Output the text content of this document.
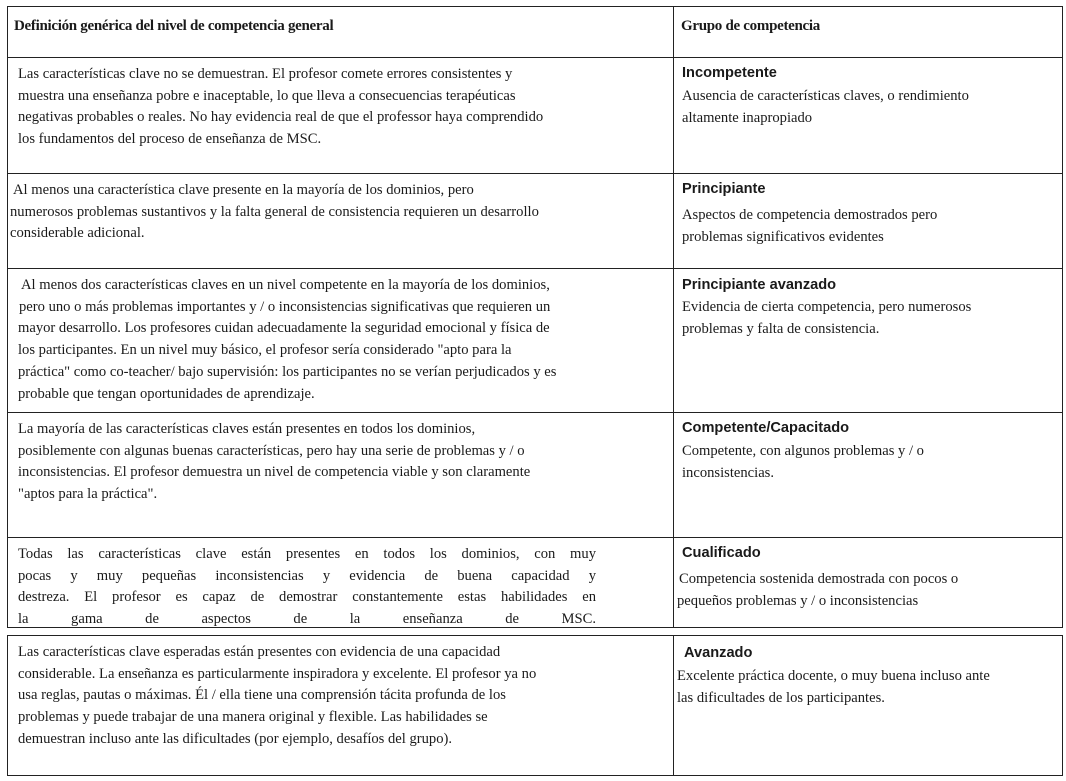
Definición genérica del nivel de competencia general	Grupo de competencia
Las características clave no se demuestran. El profesor comete errores consistentes y
muestra una enseñanza pobre e inaceptable, lo que lleva a consecuencias terapéuticas
negativas probables o reales. No hay evidencia real de que el professor haya comprendido
los fundamentos del proceso de enseñanza de MSC.
Incompetente
Ausencia de características claves, o rendimiento
altamente inapropiado
Al menos una característica clave presente en la mayoría de los dominios, pero
numerosos problemas sustantivos y la falta general de consistencia requieren un desarrollo
considerable adicional.
Principiante
Aspectos de competencia demostrados pero
problemas significativos evidentes
Al menos dos características claves en un nivel competente en la mayoría de los dominios,
pero uno o más problemas importantes y / o inconsistencias significativas que requieren un
mayor desarrollo. Los profesores cuidan adecuadamente la seguridad emocional y física de
los participantes. En un nivel muy básico, el profesor sería considerado "apto para la
práctica" como co-teacher/ bajo supervisión: los participantes no se verían perjudicados y es
probable que tengan oportunidades de aprendizaje.
Principiante avanzado
Evidencia de cierta competencia, pero numerosos
problemas y falta de consistencia.
La mayoría de las características claves están presentes en todos los dominios,
posiblemente con algunas buenas características, pero hay una serie de problemas y / o
inconsistencias. El profesor demuestra un nivel de competencia viable y son claramente
"aptos para la práctica".
Competente/Capacitado
Competente, con algunos problemas y / o
inconsistencias.
Todas las características clave están presentes en todos los dominios, con muy
pocas y muy pequeñas inconsistencias y evidencia de buena capacidad y
destreza. El profesor es capaz de demostrar constantemente estas habilidades en
la gama de aspectos de la enseñanza de MSC.
Cualificado
Competencia sostenida demostrada con pocos o
pequeños problemas y / o inconsistencias
Las características clave esperadas están presentes con evidencia de una capacidad
considerable. La enseñanza es particularmente inspiradora y excelente. El profesor ya no
usa reglas, pautas o máximas. Él / ella tiene una comprensión tácita profunda de los
problemas y puede trabajar de una manera original y flexible. Las habilidades se
demuestran incluso ante las dificultades (por ejemplo, desafíos del grupo).
Avanzado
Excelente práctica docente, o muy buena incluso ante
las dificultades de los participantes.
